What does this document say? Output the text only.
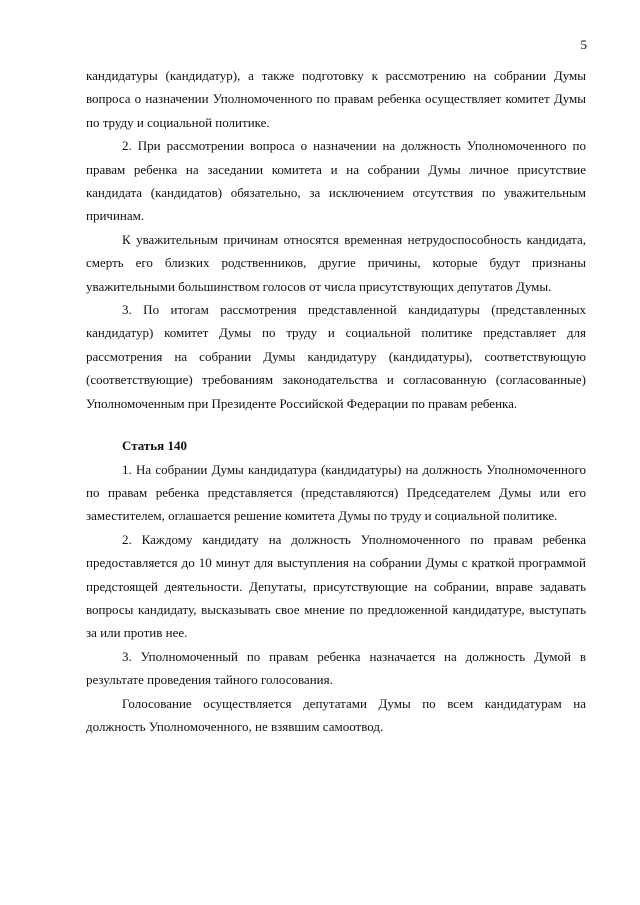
5

кандидатуры (кандидатур), а также подготовку к рассмотрению на собрании Думы вопроса о назначении Уполномоченного по правам ребенка осуществляет комитет Думы по труду и социальной политике.

2. При рассмотрении вопроса о назначении на должность Уполномоченного по правам ребенка на заседании комитета и на собрании Думы личное присутствие кандидата (кандидатов) обязательно, за исключением отсутствия по уважительным причинам.

К уважительным причинам относятся временная нетрудоспособность кандидата, смерть его близких родственников, другие причины, которые будут признаны уважительными большинством голосов от числа присутствующих депутатов Думы.

3. По итогам рассмотрения представленной кандидатуры (представленных кандидатур) комитет Думы по труду и социальной политике представляет для рассмотрения на собрании Думы кандидатуру (кандидатуры), соответствующую (соответствующие) требованиям законодательства и согласованную (согласованные) Уполномоченным при Президенте Российской Федерации по правам ребенка.

Статья 140

1. На собрании Думы кандидатура (кандидатуры) на должность Уполномоченного по правам ребенка представляется (представляются) Председателем Думы или его заместителем, оглашается решение комитета Думы по труду и социальной политике.

2. Каждому кандидату на должность Уполномоченного по правам ребенка предоставляется до 10 минут для выступления на собрании Думы с краткой программой предстоящей деятельности. Депутаты, присутствующие на собрании, вправе задавать вопросы кандидату, высказывать свое мнение по предложенной кандидатуре, выступать за или против нее.

3. Уполномоченный по правам ребенка назначается на должность Думой в результате проведения тайного голосования.

Голосование осуществляется депутатами Думы по всем кандидатурам на должность Уполномоченного, не взявшим самоотвод.
